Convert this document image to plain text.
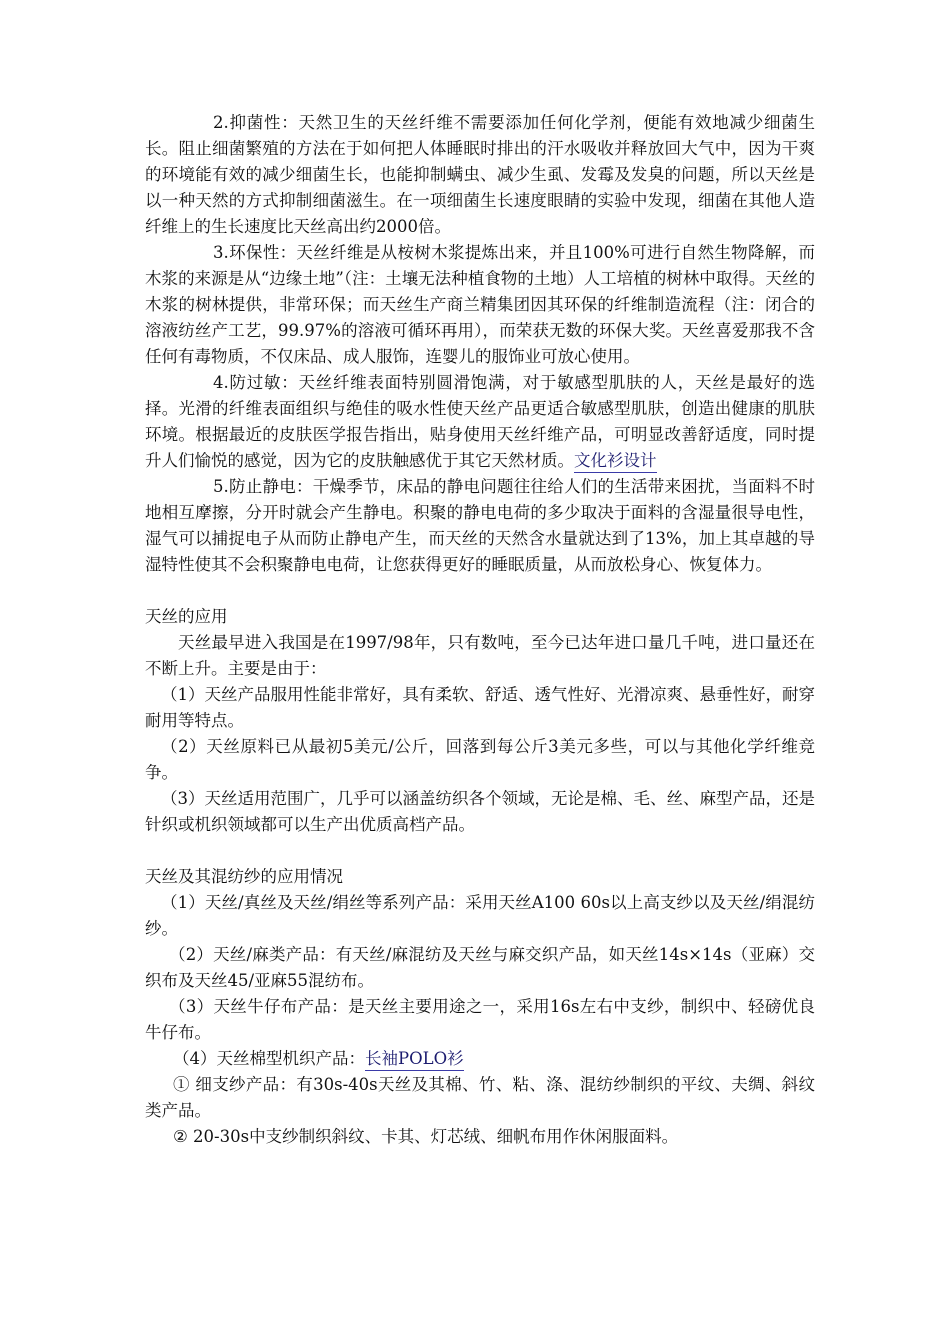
2.抑菌性：天然卫生的天丝纤维不需要添加任何化学剂，便能有效地减少细菌生长。阻止细菌繁殖的方法在于如何把人体睡眠时排出的汗水吸收并释放回大气中，因为干爽的环境能有效的减少细菌生长，也能抑制螨虫、减少生虱、发霉及发臭的问题，所以天丝是以一种天然的方式抑制细菌滋生。在一项细菌生长速度眼睛的实验中发现，细菌在其他人造纤维上的生长速度比天丝高出约2000倍。

3.环保性：天丝纤维是从桉树木浆提炼出来，并且100%可进行自然生物降解，而木浆的来源是从“边缘土地”（注：土壤无法种植食物的土地）人工培植的树林中取得。天丝的木浆的树林提供，非常环保；而天丝生产商兰精集团因其环保的纤维制造流程（注：闭合的溶液纺丝产工艺，99.97%的溶液可循环再用），而荣获无数的环保大奖。天丝喜爱那我不含任何有毒物质，不仅床品、成人服饰，连婴儿的服饰业可放心使用。

4.防过敏：天丝纤维表面特别圆滑饱满，对于敏感型肌肤的人，天丝是最好的选择。光滑的纤维表面组织与绝佳的吸水性使天丝产品更适合敏感型肌肤，创造出健康的肌肤环境。根据最近的皮肤医学报告指出，贴身使用天丝纤维产品，可明显改善舒适度，同时提升人们愉悦的感觉，因为它的皮肤触感优于其它天然材质。文化衫设计

5.防止静电：干燥季节，床品的静电问题往往给人们的生活带来困扰，当面料不时地相互摩擦，分开时就会产生静电。积聚的静电电荷的多少取决于面料的含湿量很导电性，湿气可以捕捉电子从而防止静电产生，而天丝的天然含水量就达到了13%，加上其卓越的导湿特性使其不会积聚静电电荷，让您获得更好的睡眠质量，从而放松身心、恢复体力。

天丝的应用

天丝最早进入我国是在1997/98年，只有数吨，至今已达年进口量几千吨，进口量还在不断上升。主要是由于：

（1）天丝产品服用性能非常好，具有柔软、舒适、透气性好、光滑凉爽、悬垂性好，耐穿耐用等特点。

（2）天丝原料已从最初5美元/公斤，回落到每公斤3美元多些，可以与其他化学纤维竞争。

（3）天丝适用范围广，几乎可以涵盖纺织各个领域，无论是棉、毛、丝、麻型产品，还是针织或机织领域都可以生产出优质高档产品。

天丝及其混纺纱的应用情况

（1）天丝/真丝及天丝/绢丝等系列产品：采用天丝A100 60s以上高支纱以及天丝/绢混纺纱。

（2）天丝/麻类产品：有天丝/麻混纺及天丝与麻交织产品，如天丝14s×14s（亚麻）交织布及天丝45/亚麻55混纺布。

（3）天丝牛仔布产品：是天丝主要用途之一，采用16s左右中支纱，制织中、轻磅优良牛仔布。

（4）天丝棉型机织产品：长袖POLO衫

① 细支纱产品：有30s-40s天丝及其棉、竹、粘、涤、混纺纱制织的平纹、夫绸、斜纹类产品。

② 20-30s中支纱制织斜纹、卡其、灯芯绒、细帆布用作休闲服面料。
